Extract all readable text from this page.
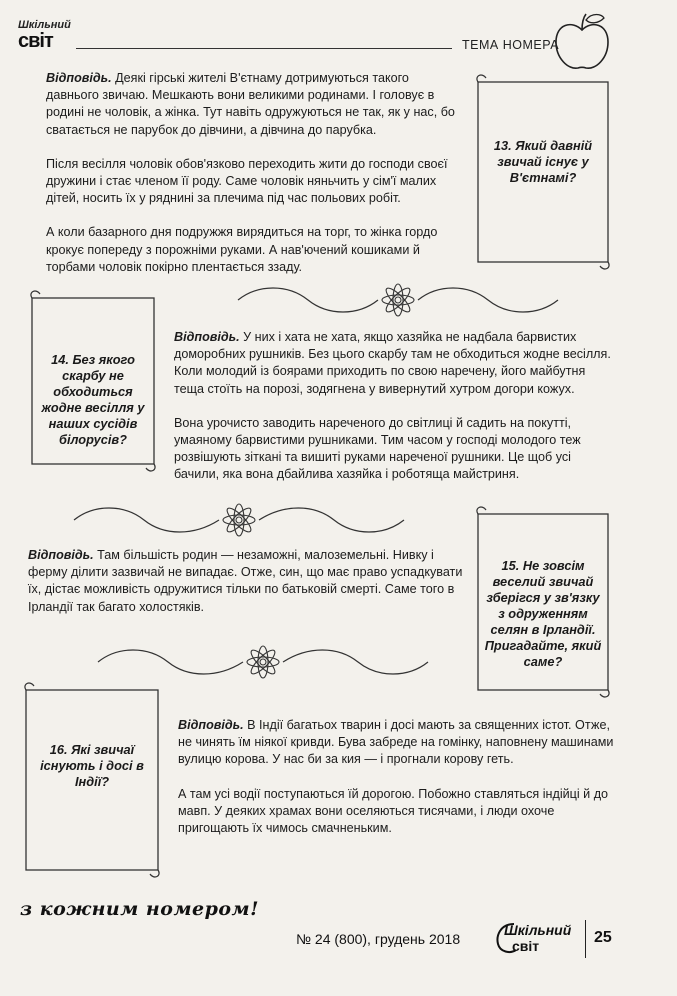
Шкільний
світ	ТЕМА НОМЕРА
13. Який давній звичай існує у В'єтнамі?

Відповідь. Деякі гірські жителі В'єтнаму дотримуються такого давнього звичаю. Мешкають вони великими родинами. І головує в родині не чоловік, а жінка. Тут навіть одружуються не так, як у нас, бо сватається не парубок до дівчини, а дівчина до парубка.

Після весілля чоловік обов'язково переходить жити до господи своєї дружини і стає членом її роду. Саме чоловік няньчить у сім'ї малих дітей, носить їх у ряднині за плечима під час польових робіт.

А коли базарного дня подружжя вирядиться на торг, то жінка гордо крокує попереду з порожніми руками. А нав'ючений кошиками й торбами чоловік покірно плентається ззаду.

14. Без якого скарбу не обходиться жодне весілля у наших сусідів білорусів?

Відповідь. У них і хата не хата, якщо хазяйка не надбала барвистих доморобних рушників. Без цього скарбу там не обходиться жодне весілля. Коли молодий із боярами приходить по свою наречену, його майбутня теща стоїть на порозі, зодягнена у вивернутий хутром догори кожух.

Вона урочисто заводить нареченого до світлиці й садить на покутті, умаяному барвистими рушниками. Тим часом у господі молодого теж розвішують зіткані та вишиті руками нареченої рушники. Це щоб усі бачили, яка вона дбайлива хазяйка і роботяща майстриня.

15. Не зовсім веселий звичай зберігся у зв'язку з одруженням селян в Ірландії. Пригадайте, який саме?

Відповідь. Там більшість родин — незаможні, малоземельні. Нивку і ферму ділити зазвичай не випадає. Отже, син, що має право успадкувати їх, дістає можливість одружитися тільки по батьковій смерті. Саме того в Ірландії так багато холостяків.

16. Які звичаї існують і досі в Індії?

Відповідь. В Індії багатьох тварин і досі мають за священних істот. Отже, не чинять їм ніякої кривди. Бува забреде на гомінку, наповнену машинами вулицю корова. У нас би за кия — і прогнали корову геть.

А там усі водії поступаються їй дорогою. Побожно ставляться індійці й до мавп. У деяких храмах вони оселяються тисячами, і люди охоче пригощають їх чимось смачненьким.

з кожним номером!
№ 24 (800), грудень 2018
Шкільний
світ	25
